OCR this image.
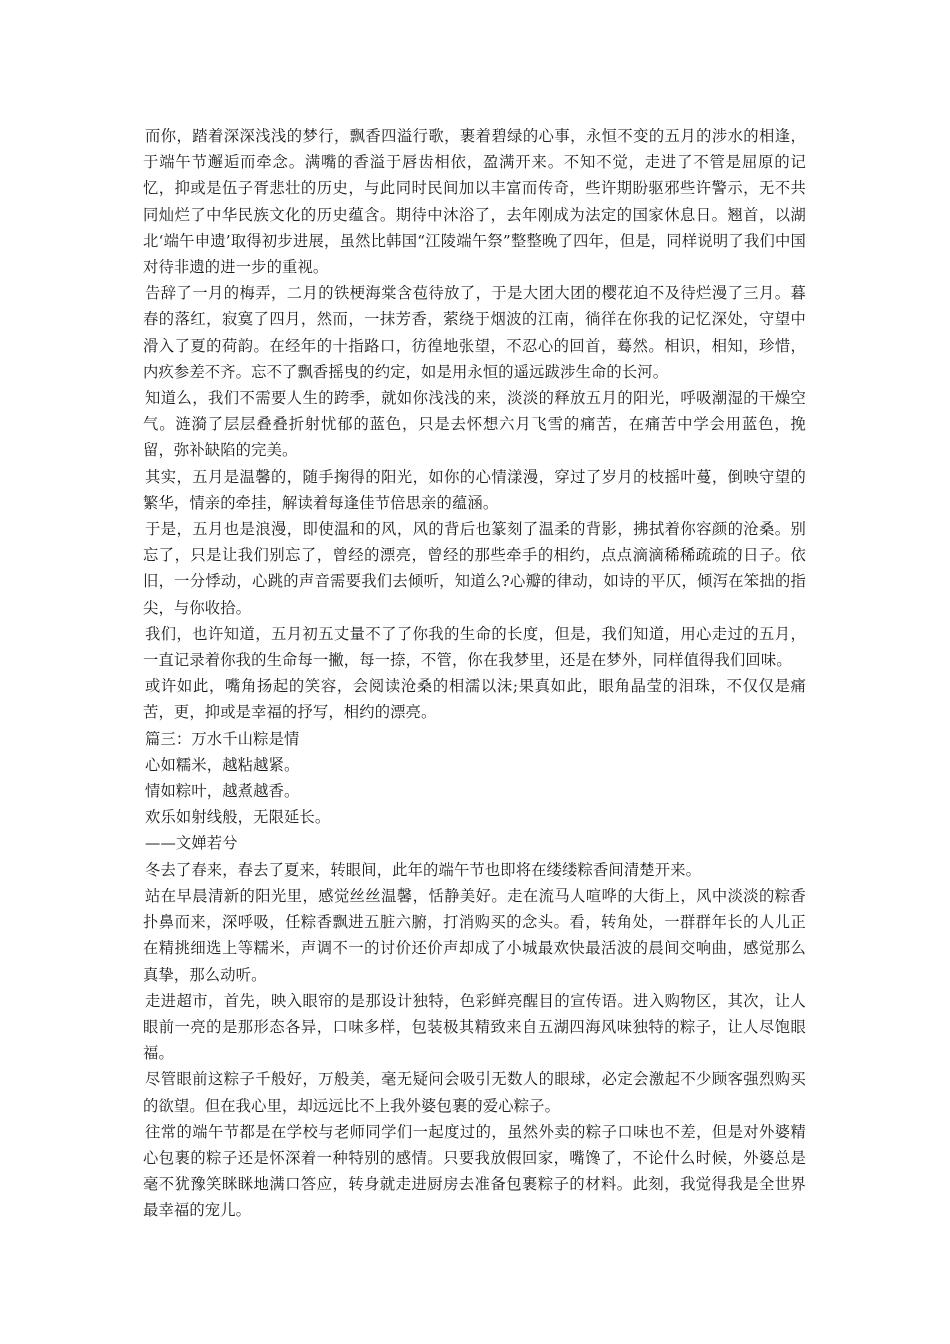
而你，踏着深深浅浅的梦行，飘香四溢行歌，裹着碧绿的心事，永恒不变的五月的涉水的相逢，于端午节邂逅而牵念。满嘴的香溢于唇齿相依，盈满开来。不知不觉，走进了不管是屈原的记忆，抑或是伍子胥悲壮的历史，与此同时民间加以丰富而传奇，些许期盼驱邪些许警示，无不共同灿烂了中华民族文化的历史蕴含。期待中沐浴了，去年刚成为法定的国家休息日。翘首，以湖北‘端午申遗’取得初步进展，虽然比韩国“江陵端午祭”整整晚了四年，但是，同样说明了我们中国对待非遗的进一步的重视。

告辞了一月的梅弄，二月的铁梗海棠含苞待放了，于是大团大团的樱花迫不及待烂漫了三月。暮春的落红，寂寞了四月，然而，一抹芳香，萦绕于烟波的江南，徜徉在你我的记忆深处，守望中滑入了夏的荷韵。在经年的十指路口，彷徨地张望，不忍心的回首，蓦然。相识，相知，珍惜，内疚参差不齐。忘不了飘香摇曳的约定，如是用永恒的遥远跋涉生命的长河。

知道么，我们不需要人生的跨季，就如你浅浅的来，淡淡的释放五月的阳光，呼吸潮湿的干燥空气。涟漪了层层叠叠折射忧郁的蓝色，只是去怀想六月飞雪的痛苦，在痛苦中学会用蓝色，挽留，弥补缺陷的完美。

其实，五月是温馨的，随手掬得的阳光，如你的心情漾漫，穿过了岁月的枝摇叶蔓，倒映守望的繁华，情亲的牵挂，解读着每逢佳节倍思亲的蕴涵。

于是，五月也是浪漫，即使温和的风，风的背后也篆刻了温柔的背影，拂拭着你容颜的沧桑。别忘了，只是让我们别忘了，曾经的漂亮，曾经的那些牵手的相约，点点滴滴稀稀疏疏的日子。依旧，一分悸动，心跳的声音需要我们去倾听，知道么?心瓣的律动，如诗的平仄，倾泻在笨拙的指尖，与你收拾。

我们，也许知道，五月初五丈量不了了你我的生命的长度，但是，我们知道，用心走过的五月，一直记录着你我的生命每一撇，每一捺，不管，你在我梦里，还是在梦外，同样值得我们回味。

或许如此，嘴角扬起的笑容，会阅读沧桑的相濡以沫;果真如此，眼角晶莹的泪珠，不仅仅是痛苦，更，抑或是幸福的抒写，相约的漂亮。

篇三：万水千山粽是情

心如糯米，越粘越紧。

情如粽叶，越煮越香。

欢乐如射线般，无限延长。

——文婵若兮

冬去了春来，春去了夏来，转眼间，此年的端午节也即将在缕缕粽香间清楚开来。

站在早晨清新的阳光里，感觉丝丝温馨，恬静美好。走在流马人喧哗的大街上，风中淡淡的粽香扑鼻而来，深呼吸，任粽香飘进五脏六腑，打消购买的念头。看，转角处，一群群年长的人儿正在精挑细选上等糯米，声调不一的讨价还价声却成了小城最欢快最活波的晨间交响曲，感觉那么真挚，那么动听。

走进超市，首先，映入眼帘的是那设计独特，色彩鲜亮醒目的宣传语。进入购物区，其次，让人眼前一亮的是那形态各异，口味多样，包装极其精致来自五湖四海风味独特的粽子，让人尽饱眼福。

尽管眼前这粽子千般好，万般美，毫无疑问会吸引无数人的眼球，必定会激起不少顾客强烈购买的欲望。但在我心里，却远远比不上我外婆包裹的爱心粽子。

往常的端午节都是在学校与老师同学们一起度过的，虽然外卖的粽子口味也不差，但是对外婆精心包裹的粽子还是怀深着一种特别的感情。只要我放假回家，嘴馋了，不论什么时候，外婆总是毫不犹豫笑眯眯地满口答应，转身就走进厨房去准备包裹粽子的材料。此刻，我觉得我是全世界最幸福的宠儿。
